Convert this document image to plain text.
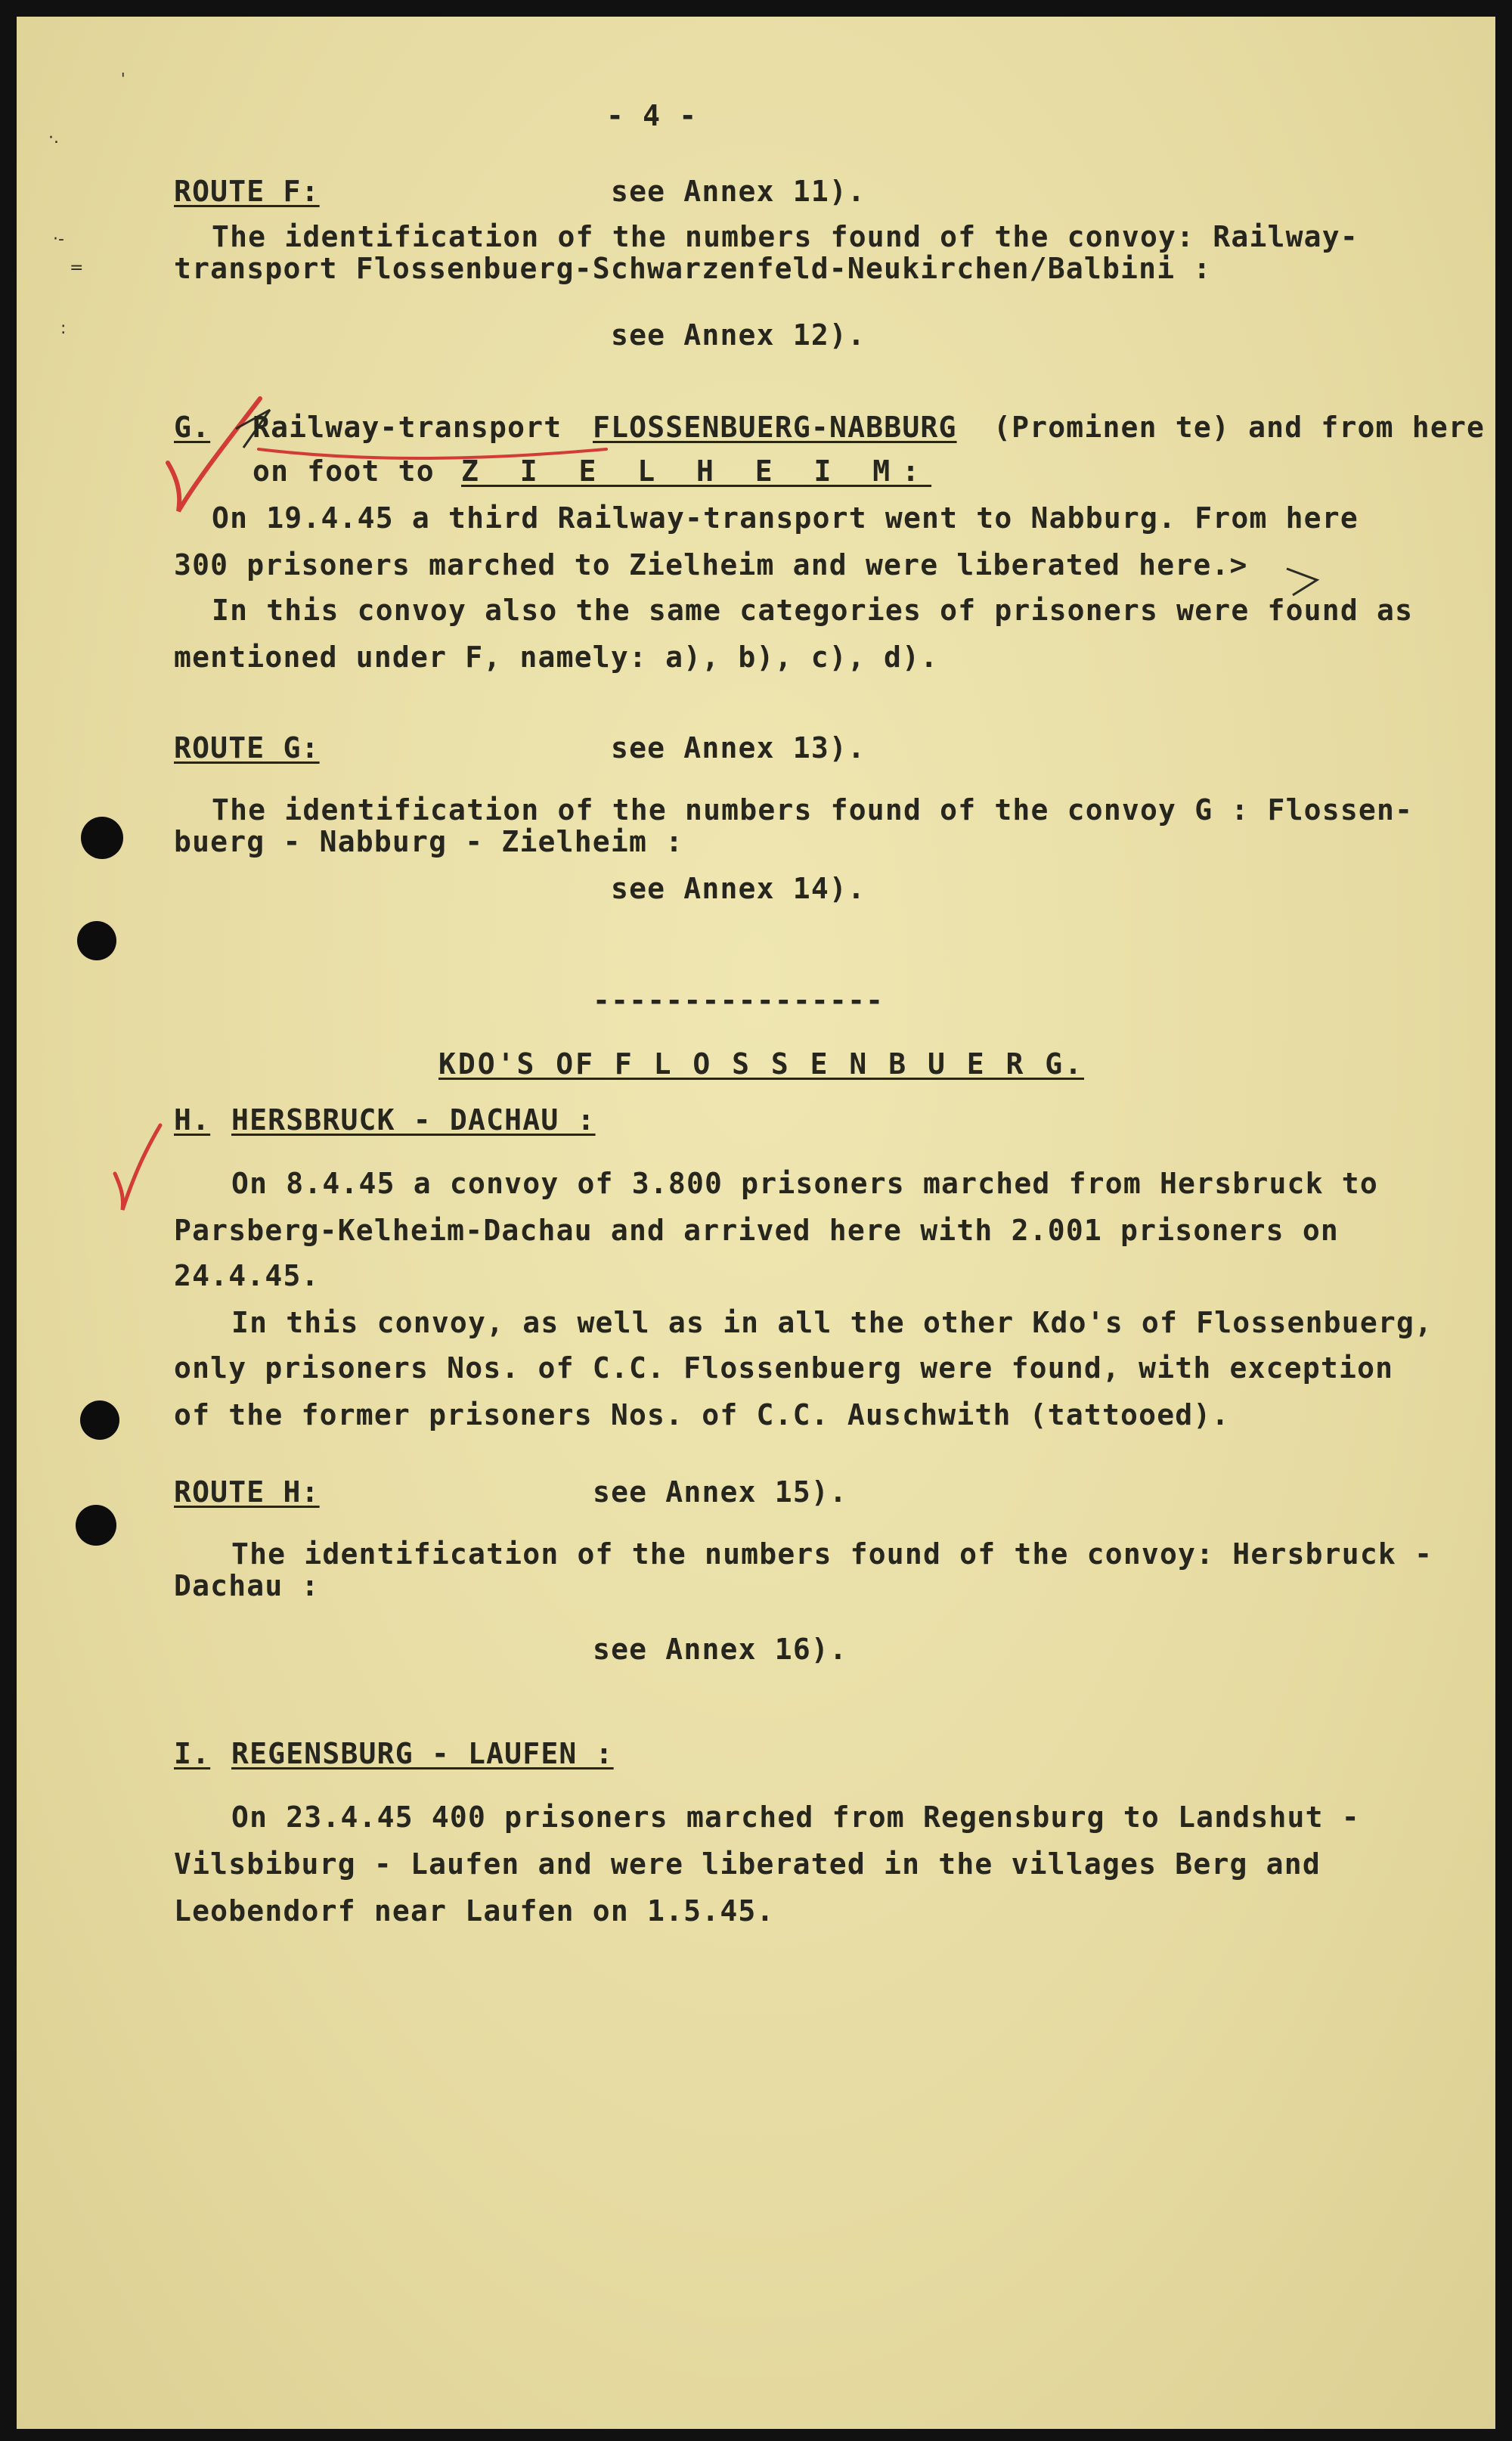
'
·.
·-
=
:
- 4 -
ROUTE F:	see Annex 11).
The identification of the numbers found of the convoy: Railway-
transport Flossenbuerg-Schwarzenfeld-Neukirchen/Balbini :
see Annex 12).
G. Railway-transport FLOSSENBUERG-NABBURG (Prominen te) and from here
on foot to Z I E L H E I M:
On 19.4.45 a third Railway-transport went to Nabburg. From here
300 prisoners marched to Zielheim and were liberated here.>
In this convoy also the same categories of prisoners were found as
mentioned under F, namely: a), b), c), d).
ROUTE G:	see Annex 13).
The identification of the numbers found of the convoy G : Flossen-
buerg - Nabburg - Zielheim :
see Annex 14).
----------------
KDO'S OF F L O S S E N B U E R G.
H. HERSBRUCK - DACHAU :
On 8.4.45 a convoy of 3.800 prisoners marched from Hersbruck to
Parsberg-Kelheim-Dachau and arrived here with 2.001 prisoners on
24.4.45.
In this convoy, as well as in all the other Kdo's of Flossenbuerg,
only prisoners Nos. of C.C. Flossenbuerg were found, with exception
of the former prisoners Nos. of C.C. Auschwith (tattooed).
ROUTE H:	see Annex 15).
The identification of the numbers found of the convoy: Hersbruck -
Dachau :
see Annex 16).
I. REGENSBURG - LAUFEN :
On 23.4.45 400 prisoners marched from Regensburg to Landshut -
Vilsbiburg - Laufen and were liberated in the villages Berg and
Leobendorf near Laufen on 1.5.45.
